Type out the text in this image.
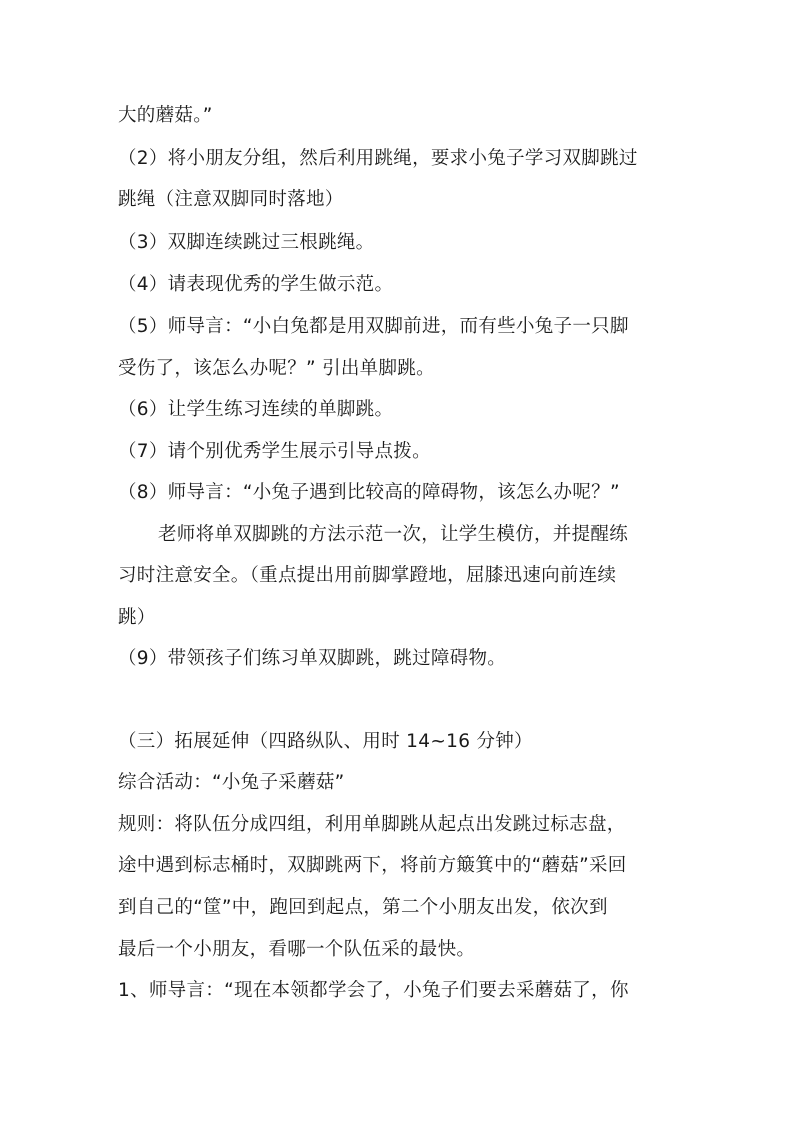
大的蘑菇。”
（2）将小朋友分组，然后利用跳绳，要求小兔子学习双脚跳过
跳绳（注意双脚同时落地）
（3）双脚连续跳过三根跳绳。
（4）请表现优秀的学生做示范。
（5）师导言：“小白兔都是用双脚前进，而有些小兔子一只脚
受伤了，该怎么办呢？” 引出单脚跳。
（6）让学生练习连续的单脚跳。
（7）请个别优秀学生展示引导点拨。
（8）师导言：“小兔子遇到比较高的障碍物，该怎么办呢？”
老师将单双脚跳的方法示范一次，让学生模仿，并提醒练
习时注意安全。（重点提出用前脚掌蹬地，屈膝迅速向前连续
跳）
（9）带领孩子们练习单双脚跳，跳过障碍物。
（三）拓展延伸（四路纵队、用时 14~16 分钟）
综合活动：“小兔子采蘑菇”
规则：将队伍分成四组，利用单脚跳从起点出发跳过标志盘，
途中遇到标志桶时，双脚跳两下，将前方簸箕中的“蘑菇”采回
到自己的“筐”中，跑回到起点，第二个小朋友出发，依次到
最后一个小朋友，看哪一个队伍采的最快。
1、师导言：“现在本领都学会了，小兔子们要去采蘑菇了，你
